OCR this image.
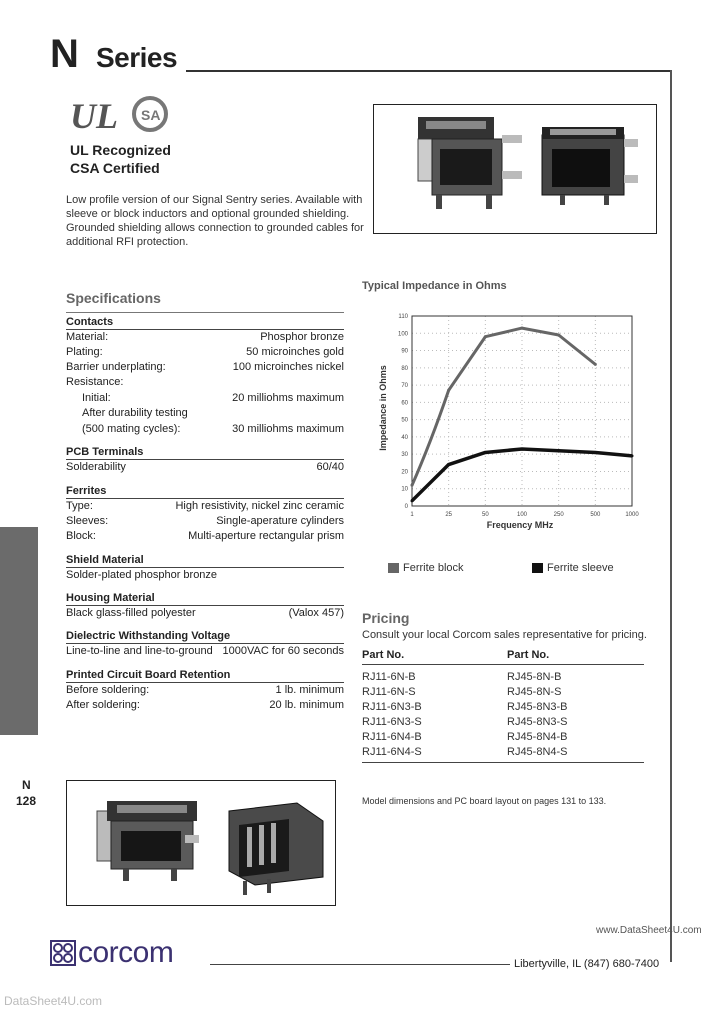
N Series
UL SA
UL Recognized
CSA Certified
Low profile version of our Signal Sentry series. Available with sleeve or block inductors and optional grounded shielding. Grounded shielding allows connection to grounded cables for additional RFI protection.
Specifications
Contacts
Material:	Phosphor bronze
Plating:	50 microinches gold
Barrier underplating:	100 microinches nickel
Resistance:
Initial:	20 milliohms maximum
After durability testing
(500 mating cycles):	30 milliohms maximum
PCB Terminals
Solderability	60/40
Ferrites
Type:	High resistivity, nickel zinc ceramic
Sleeves:	Single-aperature cylinders
Block:	Multi-aperture rectangular prism
Shield Material
Solder-plated phosphor bronze
Housing Material
Black glass-filled polyester	(Valox 457)
Dielectric Withstanding Voltage
Line-to-line and line-to-ground 1000VAC for 60 seconds
Printed Circuit Board Retention
Before soldering:	1 lb. minimum
After soldering:	20 lb. minimum
N
128
Typical Impedance in Ohms
0
10
20
30
40
50
60
70
80
90
100
110
1	25	50	100	250	500	1000
Impedance in Ohms
Frequency MHz
Ferrite block	Ferrite sleeve
Pricing
Consult your local Corcom sales representative for pricing.
Part No.	Part No.
RJ11-6N-B	RJ45-8N-B
RJ11-6N-S	RJ45-8N-S
RJ11-6N3-B	RJ45-8N3-B
RJ11-6N3-S	RJ45-8N3-S
RJ11-6N4-B	RJ45-8N4-B
RJ11-6N4-S	RJ45-8N4-S
Model dimensions and PC board layout on pages 131 to 133.
www.DataSheet4U.com
corcom	Libertyville, IL (847) 680-7400
DataSheet4U.com
